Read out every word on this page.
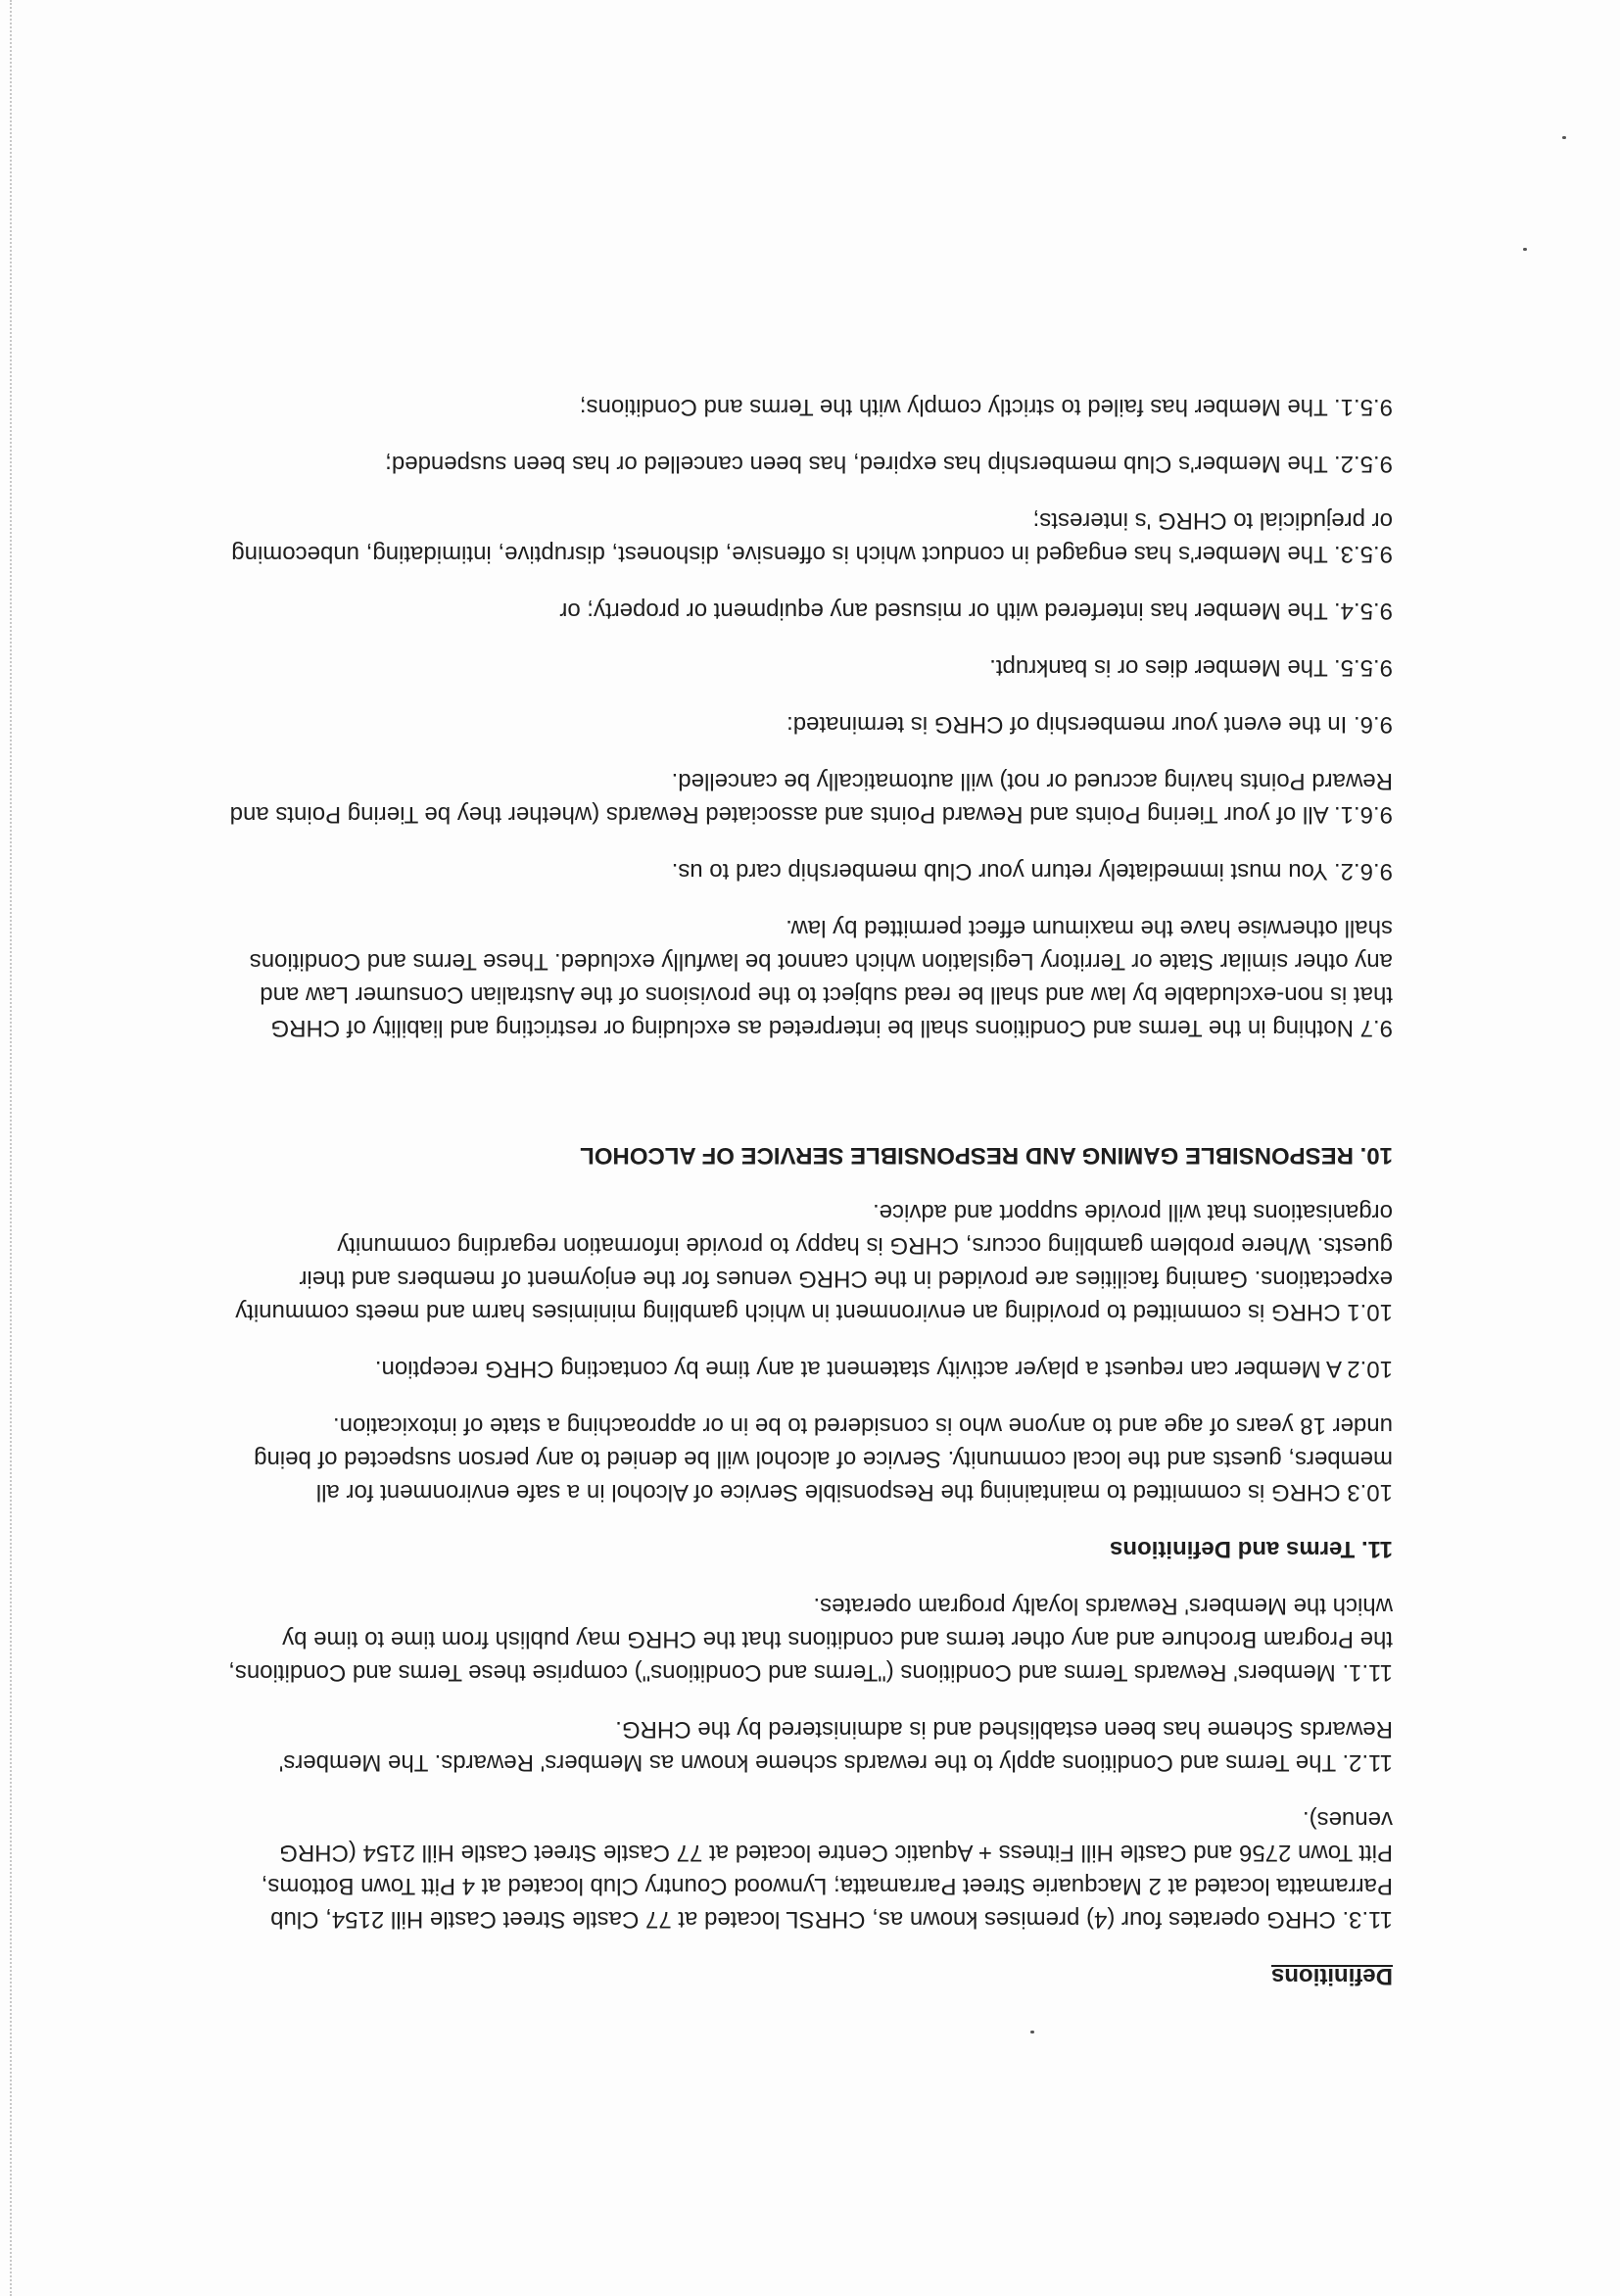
Definitions
11.3. CHRG operates four (4) premises known as, CHRSL located at 77 Castle Street Castle Hill 2154, Club Parramatta located at 2 Macquarie Street Parramatta; Lynwood Country Club located at 4 Pitt Town Bottoms, Pitt Town 2756 and Castle Hill Fitness + Aquatic Centre located at 77 Castle Street Castle Hill 2154 (CHRG venues).
11.2. The Terms and Conditions apply to the rewards scheme known as Members' Rewards. The Members' Rewards Scheme has been established and is administered by the CHRG.
11.1. Members' Rewards Terms and Conditions ("Terms and Conditions") comprise these Terms and Conditions, the Program Brochure and any other terms and conditions that the CHRG may publish from time to time by which the Members' Rewards loyalty program operates.
11. Terms and Definitions
10.3 CHRG is committed to maintaining the Responsible Service of Alcohol in a safe environment for all members, guests and the local community. Service of alcohol will be denied to any person suspected of being under 18 years of age and to anyone who is considered to be in or approaching a state of intoxication.
10.2 A Member can request a player activity statement at any time by contacting CHRG reception.
10.1 CHRG is committed to providing an environment in which gambling minimises harm and meets community expectations. Gaming facilities are provided in the CHRG venues for the enjoyment of members and their guests. Where problem gambling occurs, CHRG is happy to provide information regarding community organisations that will provide support and advice.
10. RESPONSIBLE GAMING AND RESPONSIBLE SERVICE OF ALCOHOL
9.7 Nothing in the Terms and Conditions shall be interpreted as excluding or restricting and liability of CHRG that is non-excludable by law and shall be read subject to the provisions of the Australian Consumer Law and any other similar State or Territory Legislation which cannot be lawfully excluded. These Terms and Conditions shall otherwise have the maximum effect permitted by law.
9.6.2. You must immediately return your Club membership card to us.
9.6.1. All of your Tiering Points and Reward Points and associated Rewards (whether they be Tiering Points and Reward Points having accrued or not) will automatically be cancelled.
9.6. In the event your membership of CHRG is terminated:
9.5.5. The Member dies or is bankrupt.
9.5.4. The Member has interfered with or misused any equipment or property; or
9.5.3. The Member's has engaged in conduct which is offensive, dishonest, disruptive, intimidating, unbecoming or prejudicial to CHRG 's interests;
9.5.2. The Member's Club membership has expired, has been cancelled or has been suspended;
9.5.1. The Member has failed to strictly comply with the Terms and Conditions;
